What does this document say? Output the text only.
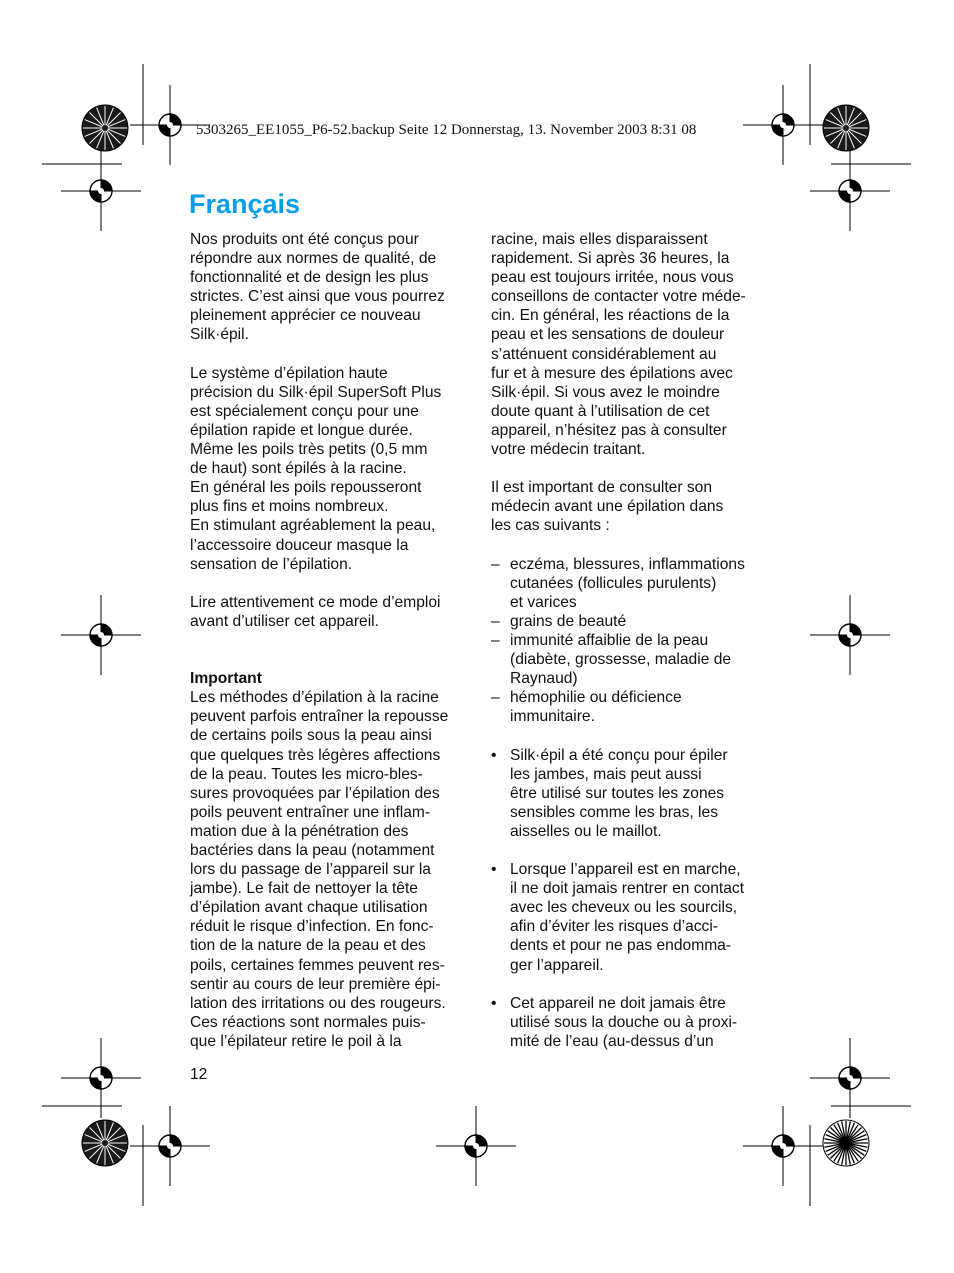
5303265_EE1055_P6-52.backup Seite 12 Donnerstag, 13. November 2003 8:31 08
Français
Nos produits ont été conçus pour
répondre aux normes de qualité, de
fonctionnalité et de design les plus
strictes. C’est ainsi que vous pourrez
pleinement apprécier ce nouveau
Silk·épil.
Le système d’épilation haute
précision du Silk·épil SuperSoft Plus
est spécialement conçu pour une
épilation rapide et longue durée.
Même les poils très petits (0,5 mm
de haut) sont épilés à la racine.
En général les poils repousseront
plus fins et moins nombreux.
En stimulant agréablement la peau,
l’accessoire douceur masque la
sensation de l’épilation.
Lire attentivement ce mode d’emploi
avant d’utiliser cet appareil.
Important
Les méthodes d’épilation à la racine
peuvent parfois entraîner la repousse
de certains poils sous la peau ainsi
que quelques très légères affections
de la peau. Toutes les micro-bles-
sures provoquées par l’épilation des
poils peuvent entraîner une inflam-
mation due à la pénétration des
bactéries dans la peau (notamment
lors du passage de l’appareil sur la
jambe). Le fait de nettoyer la tête
d’épilation avant chaque utilisation
réduit le risque d’infection. En fonc-
tion de la nature de la peau et des
poils, certaines femmes peuvent res-
sentir au cours de leur première épi-
lation des irritations ou des rougeurs.
Ces réactions sont normales puis-
que l’épilateur retire le poil à la
racine, mais elles disparaissent
rapidement. Si après 36 heures, la
peau est toujours irritée, nous vous
conseillons de contacter votre méde-
cin. En général, les réactions de la
peau et les sensations de douleur
s’atténuent considérablement au
fur et à mesure des épilations avec
Silk·épil. Si vous avez le moindre
doute quant à l’utilisation de cet
appareil, n’hésitez pas à consulter
votre médecin traitant.
Il est important de consulter son
médecin avant une épilation dans
les cas suivants :
– eczéma, blessures, inflammations
cutanées (follicules purulents)
et varices
– grains de beauté
– immunité affaiblie de la peau
(diabète, grossesse, maladie de
Raynaud)
– hémophilie ou déficience
immunitaire.
• Silk·épil a été conçu pour épiler
les jambes, mais peut aussi
être utilisé sur toutes les zones
sensibles comme les bras, les
aisselles ou le maillot.
• Lorsque l’appareil est en marche,
il ne doit jamais rentrer en contact
avec les cheveux ou les sourcils,
afin d’éviter les risques d’acci-
dents et pour ne pas endomma-
ger l’appareil.
• Cet appareil ne doit jamais être
utilisé sous la douche ou à proxi-
mité de l’eau (au-dessus d’un
12
